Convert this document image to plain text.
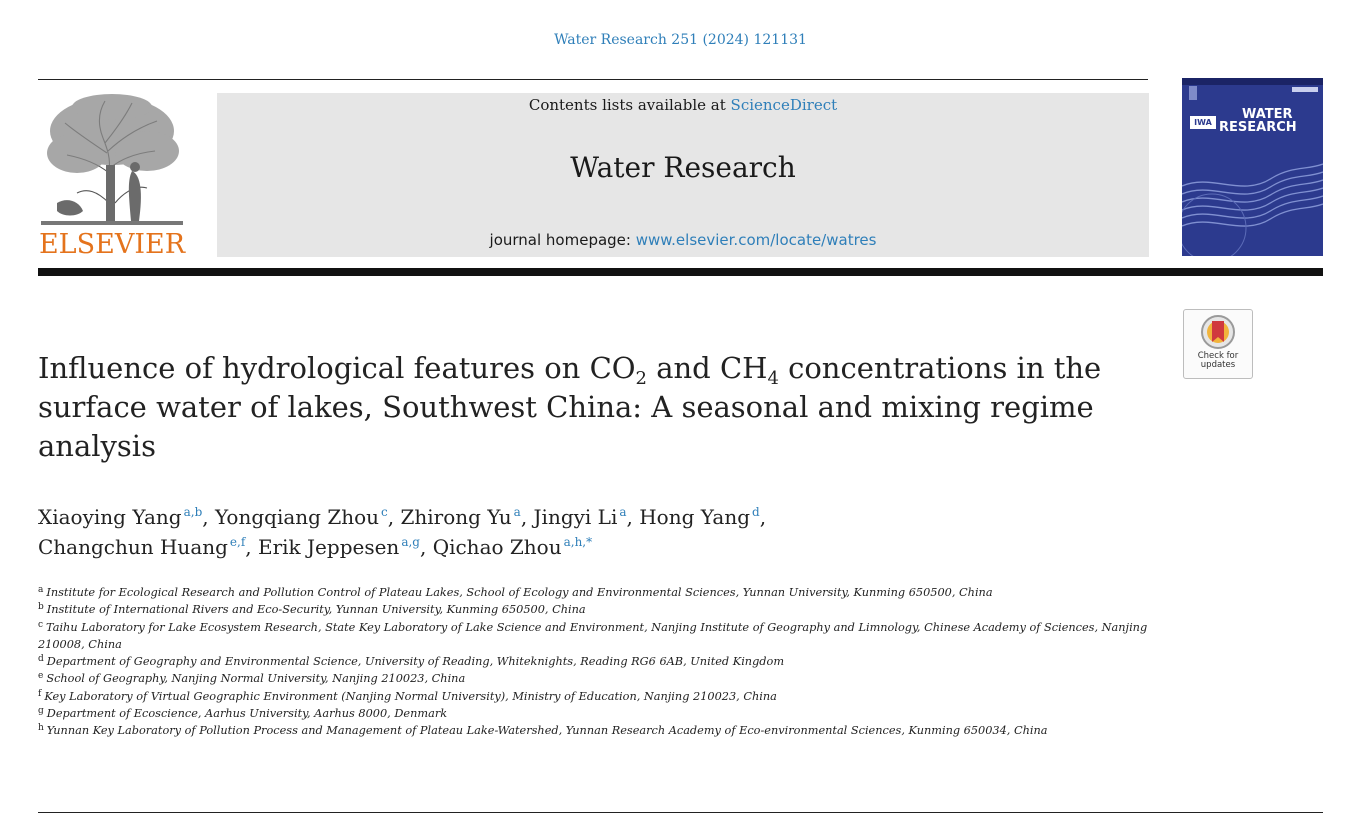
Water Research 251 (2024) 121131
ELSEVIER
Contents lists available at ScienceDirect
Water Research
journal homepage: www.elsevier.com/locate/watres
IWA
WATER
RESEARCH
Check for
updates
Influence of hydrological features on $CO_2$ and $CH_4$ concentrations in the surface water of lakes, Southwest China: A seasonal and mixing regime analysis
Xiaoying Yang  $^{a,b}$, Yongqiang Zhou  $^c$, Zhirong Yu  $^a$, Jingyi Li  $^a$, Hong Yang  $^d$,
Changchun Huang  $^{e,f}$, Erik Jeppesen  $^{a,g}$, Qichao Zhou  $^{a,h,*}$
$^a$ Institute for Ecological Research and Pollution Control of Plateau Lakes, School of Ecology and Environmental Sciences, Yunnan University, Kunming 650500, China
$^b$ Institute of International Rivers and Eco-Security, Yunnan University, Kunming 650500, China
$^c$ Taihu Laboratory for Lake Ecosystem Research, State Key Laboratory of Lake Science and Environment, Nanjing Institute of Geography and Limnology, Chinese Academy of Sciences, Nanjing 210008, China
$^d$ Department of Geography and Environmental Science, University of Reading, Whiteknights, Reading RG6 6AB, United Kingdom
$^e$ School of Geography, Nanjing Normal University, Nanjing 210023, China
$^f$ Key Laboratory of Virtual Geographic Environment (Nanjing Normal University), Ministry of Education, Nanjing 210023, China
$^g$ Department of Ecoscience, Aarhus University, Aarhus 8000, Denmark
$^h$ Yunnan Key Laboratory of Pollution Process and Management of Plateau Lake-Watershed, Yunnan Research Academy of Eco-environmental Sciences, Kunming 650034, China
